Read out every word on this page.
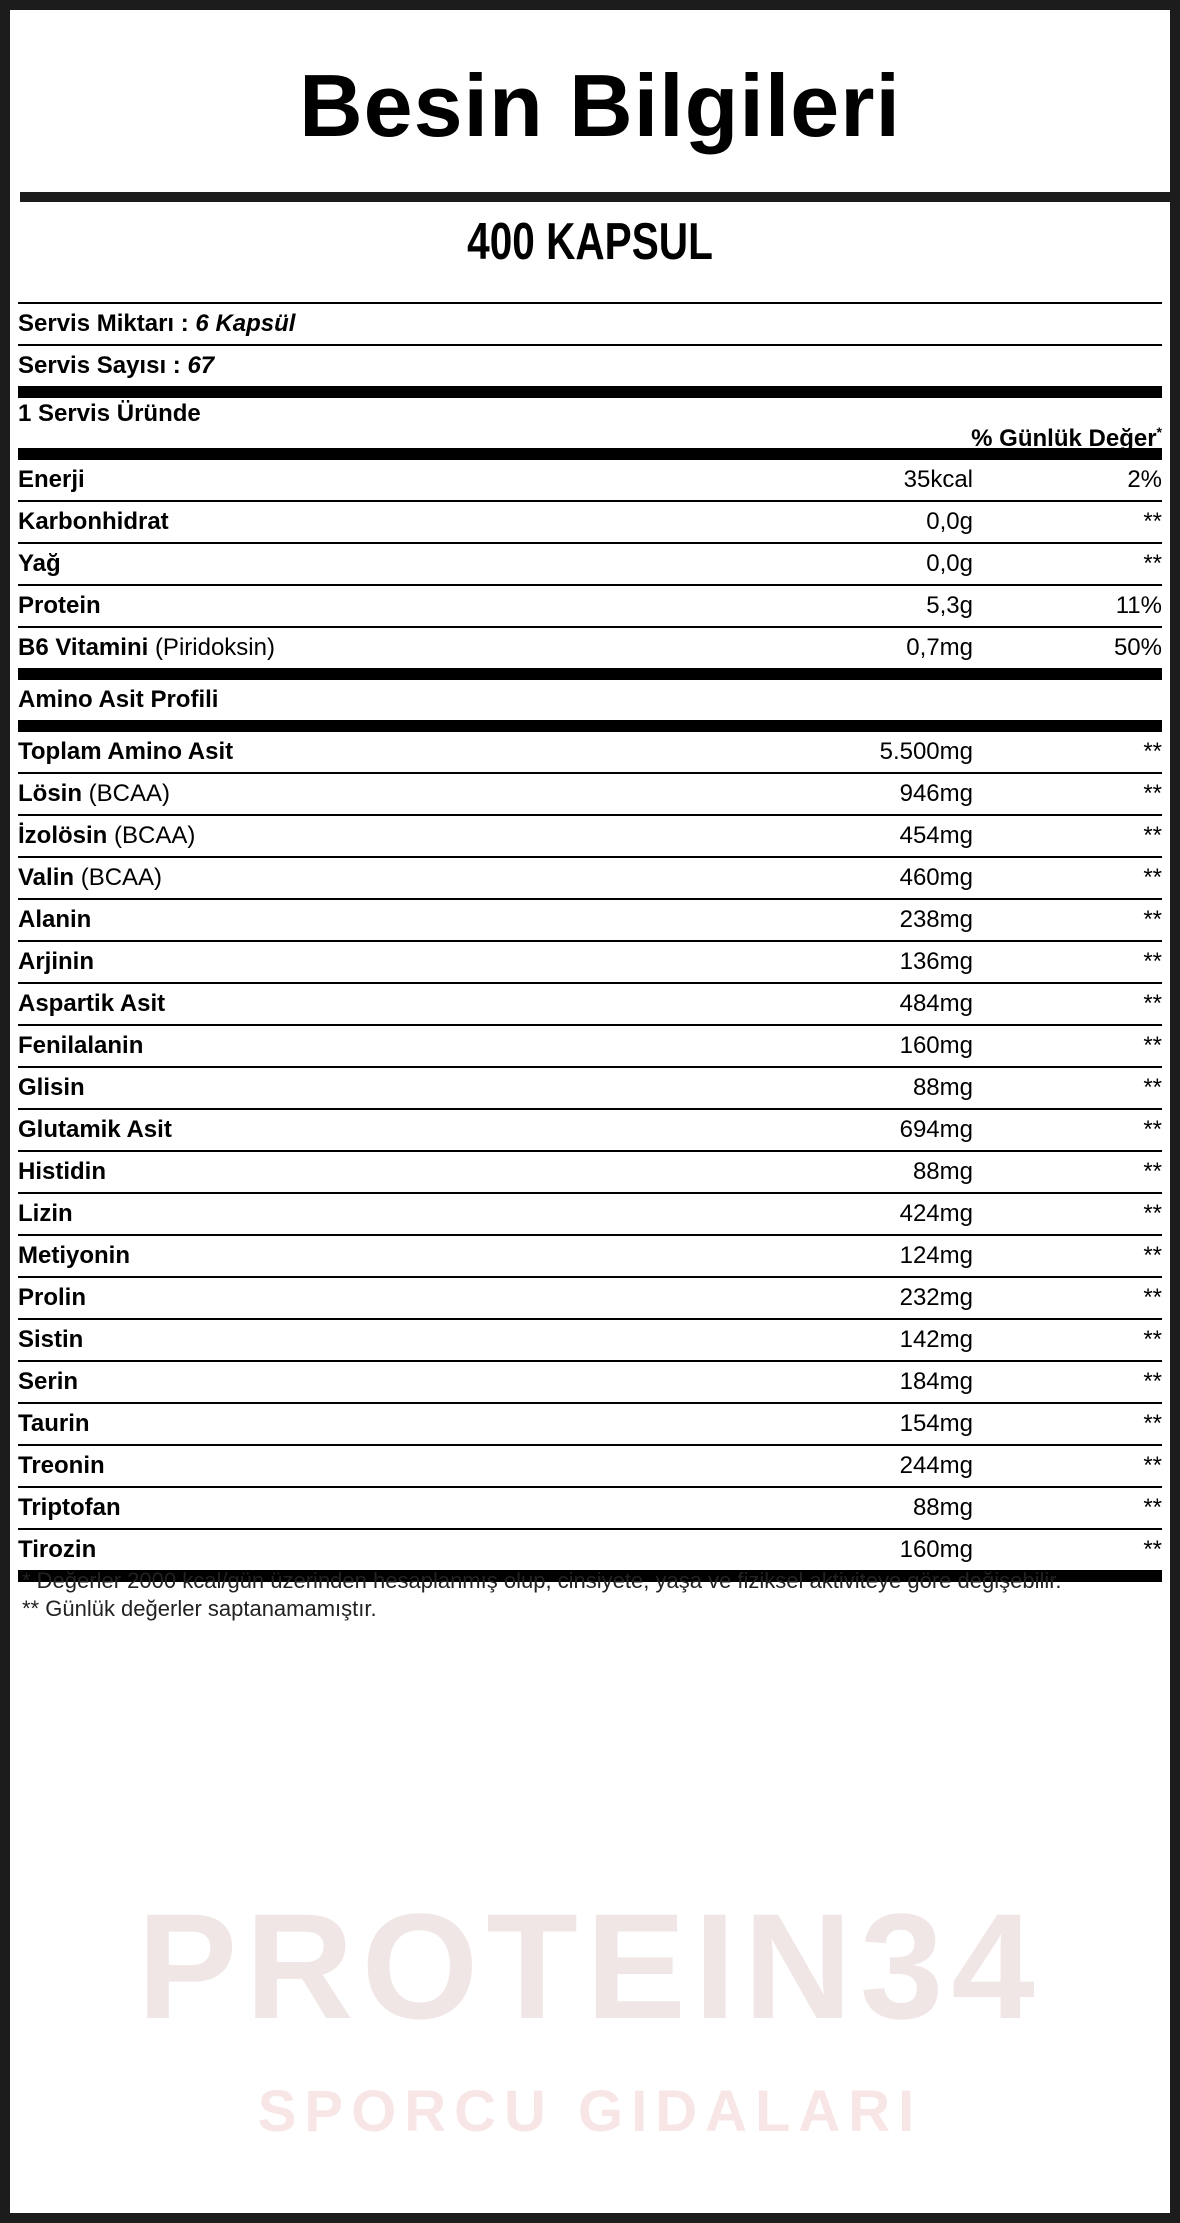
PROTEIN34
SPORCU GIDALARI
Besin Bilgileri
400 KAPSUL
Servis Miktarı : 6 Kapsül
Servis Sayısı : 67
1 Servis Üründe
% Günlük Değer*
Enerji	35kcal	2%
Karbonhidrat	0,0g	**
Yağ	0,0g	**
Protein	5,3g	11%
B6 Vitamini (Piridoksin)	0,7mg	50%
Amino Asit Profili
Toplam Amino Asit	5.500mg	**
Lösin (BCAA)	946mg	**
İzolösin (BCAA)	454mg	**
Valin (BCAA)	460mg	**
Alanin	238mg	**
Arjinin	136mg	**
Aspartik Asit	484mg	**
Fenilalanin	160mg	**
Glisin	88mg	**
Glutamik Asit	694mg	**
Histidin	88mg	**
Lizin	424mg	**
Metiyonin	124mg	**
Prolin	232mg	**
Sistin	142mg	**
Serin	184mg	**
Taurin	154mg	**
Treonin	244mg	**
Triptofan	88mg	**
Tirozin	160mg	**

* Değerler 2000 kcal/gün üzerinden hesaplanmış olup, cinsiyete, yaşa ve fiziksel aktiviteye göre değişebilir.

** Günlük değerler saptanamamıştır.
